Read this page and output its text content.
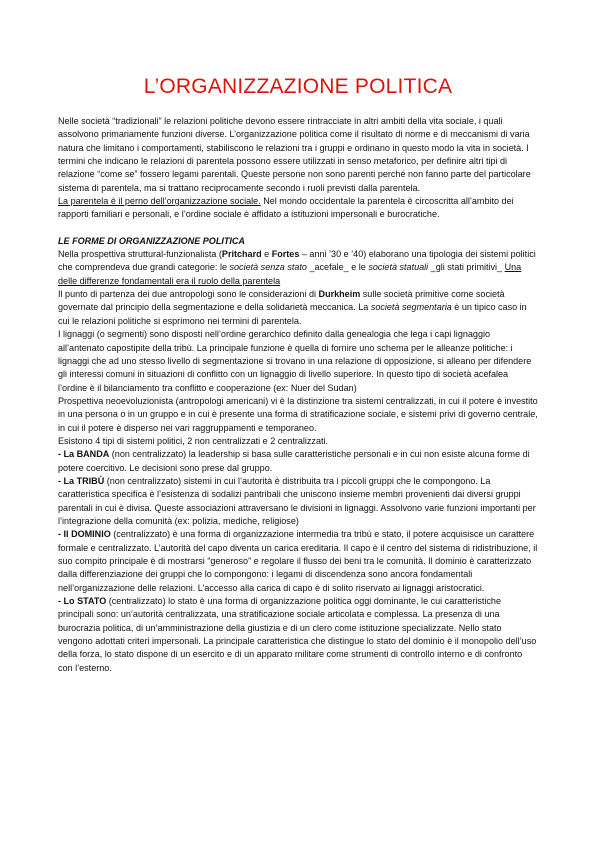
L’ORGANIZZAZIONE POLITICA

Nelle società “tradizionali” le relazioni politiche devono essere rintracciate in altri ambiti della vita sociale, i quali assolvono primariamente funzioni diverse. L’organizzazione politica come il risultato di norme e di meccanismi di varia natura che limitano i comportamenti, stabiliscono le relazioni tra i gruppi e ordinano in questo modo la vita in società. I termini che indicano le relazioni di parentela possono essere utilizzati in senso metaforico, per definire altri tipi di relazione “come se” fossero legami parentali. Queste persone non sono parenti perché non fanno parte del particolare sistema di parentela, ma si trattano reciprocamente secondo i ruoli previsti dalla parentela.

La parentela è il perno dell’organizzazione sociale. Nel mondo occidentale la parentela è circoscritta all’ambito dei rapporti familiari e personali, e l’ordine sociale è affidato a istituzioni impersonali e burocratiche.

LE FORME DI ORGANIZZAZIONE POLITICA

Nella prospettiva struttural-funzionalista (Pritchard e Fortes – anni ’30 e ’40) elaborano una tipologia dei sistemi politici che comprendeva due grandi categorie: le società senza stato _acefale_ e le società statuali _gli stati primitivi_ Una delle differenze fondamentali era il ruolo della parentela

Il punto di partenza dei due antropologi sono le considerazioni di Durkheim sulle società primitive come società governate dal principio della segmentazione e della solidarietà meccanica. La società segmentaria è un tipico caso in cui le relazioni politiche si esprimono nei termini di parentela.

I lignaggi (o segmenti) sono disposti nell’ordine gerarchico definito dalla genealogia che lega i capi lignaggio all’antenato capostipite della tribù. La principale funzione è quella di fornire uno schema per le alleanze politiche: i lignaggi che ad uno stesso livello di segmentazione si trovano in una relazione di opposizione, si alleano per difendere gli interessi comuni in situazioni di conflitto con un lignaggio di livello superiore. In questo tipo di società acefalea l’ordine è il bilanciamento tra conflitto e cooperazione (ex: Nuer del Sudan)

Prospettiva neoevoluzionista (antropologi americani) vi è la distinzione tra sistemi centralizzati, in cui il potere è investito in una persona o in un gruppo e in cui è presente una forma di stratificazione sociale, e sistemi privi di governo centrale, in cui il potere è disperso nei vari raggruppamenti e temporaneo.

Esistono 4 tipi di sistemi politici, 2 non centralizzati e 2 centralizzati.

- La BANDA (non centralizzato) la leadership si basa sulle caratteristiche personali e in cui non esiste alcuna forme di potere coercitivo. Le decisioni sono prese dal gruppo.

- La TRIBÙ (non centralizzato) sistemi in cui l’autorità è distribuita tra i piccoli gruppi che le compongono. La caratteristica specifica è l’esistenza di sodalizi pantribali che uniscono insieme membri provenienti dai diversi gruppi parentali in cui è divisa. Queste associazioni attraversano le divisioni in lignaggi. Assolvono varie funzioni importanti per l’integrazione della comunità (ex: polizia, mediche, religiose)

- Il DOMINIO (centralizzato) è una forma di organizzazione intermedia tra tribù e stato, il potere acquisisce un carattere formale e centralizzato. L’autorità del capo diventa un carica ereditaria. Il capo è il centro del sistema di ridistribuzione, il suo compito principale è di mostrarsi “generoso” e regolare il flusso dei beni tra le comunità. Il dominio è caratterizzato dalla differenziazione dei gruppi che lo compongono: i legami di discendenza sono ancora fondamentali nell’organizzazione delle relazioni. L’accesso alla carica di capo è di solito riservato ai lignaggi aristocratici.

- Lo STATO (centralizzato) lo stato è una forma di organizzazione politica oggi dominante, le cui caratteristiche principali sono: un’autorità centralizzata, una stratificazione sociale articolata e complessa. La presenza di una burocrazia politica, di un’amministrazione della giustizia e di un clero come istituzione specializzate. Nello stato vengono adottati criteri impersonali. La principale caratteristica che distingue lo stato del dominio è il monopolio dell’uso della forza, lo stato dispone di un esercito e di un apparato militare come strumenti di controllo interno e di confronto con l’esterno.
